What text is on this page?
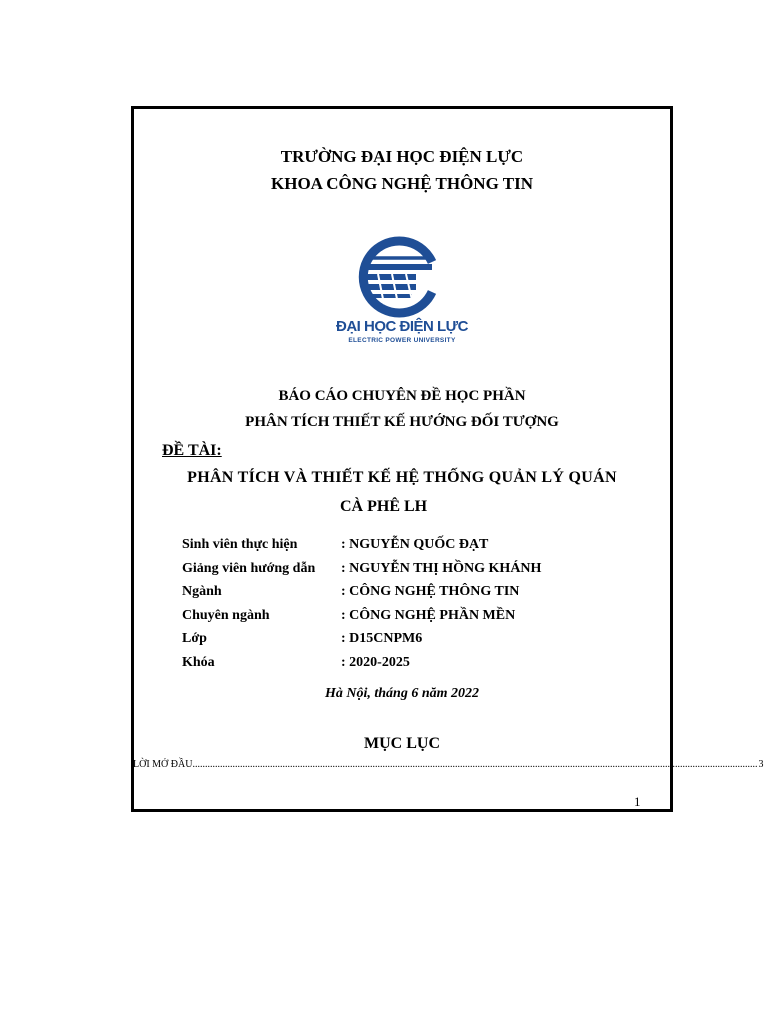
TRƯỜNG ĐẠI HỌC ĐIỆN LỰC
KHOA CÔNG NGHỆ THÔNG TIN
ĐẠI HỌC ĐIỆN LỰC
ELECTRIC POWER UNIVERSITY
BÁO CÁO CHUYÊN ĐỀ HỌC PHẦN
PHÂN TÍCH THIẾT KẾ HƯỚNG ĐỐI TƯỢNG
ĐỀ TÀI:
PHÂN TÍCH VÀ THIẾT KẾ HỆ THỐNG QUẢN LÝ QUÁN
CÀ PHÊ LH
Sinh viên thực hiện	: NGUYỄN QUỐC ĐẠT
Giảng viên hướng dẫn : NGUYỄN THỊ HỒNG KHÁNH
Ngành	: CÔNG NGHỆ THÔNG TIN
Chuyên ngành	: CÔNG NGHỆ PHẦN MỀN
Lớp	: D15CNPM6
Khóa	: 2020-2025
Hà Nội, tháng 6 năm 2022
MỤC LỤC
LỜI MỞ ĐẦU .................................................................................................................................................................................................................................. 3
1
